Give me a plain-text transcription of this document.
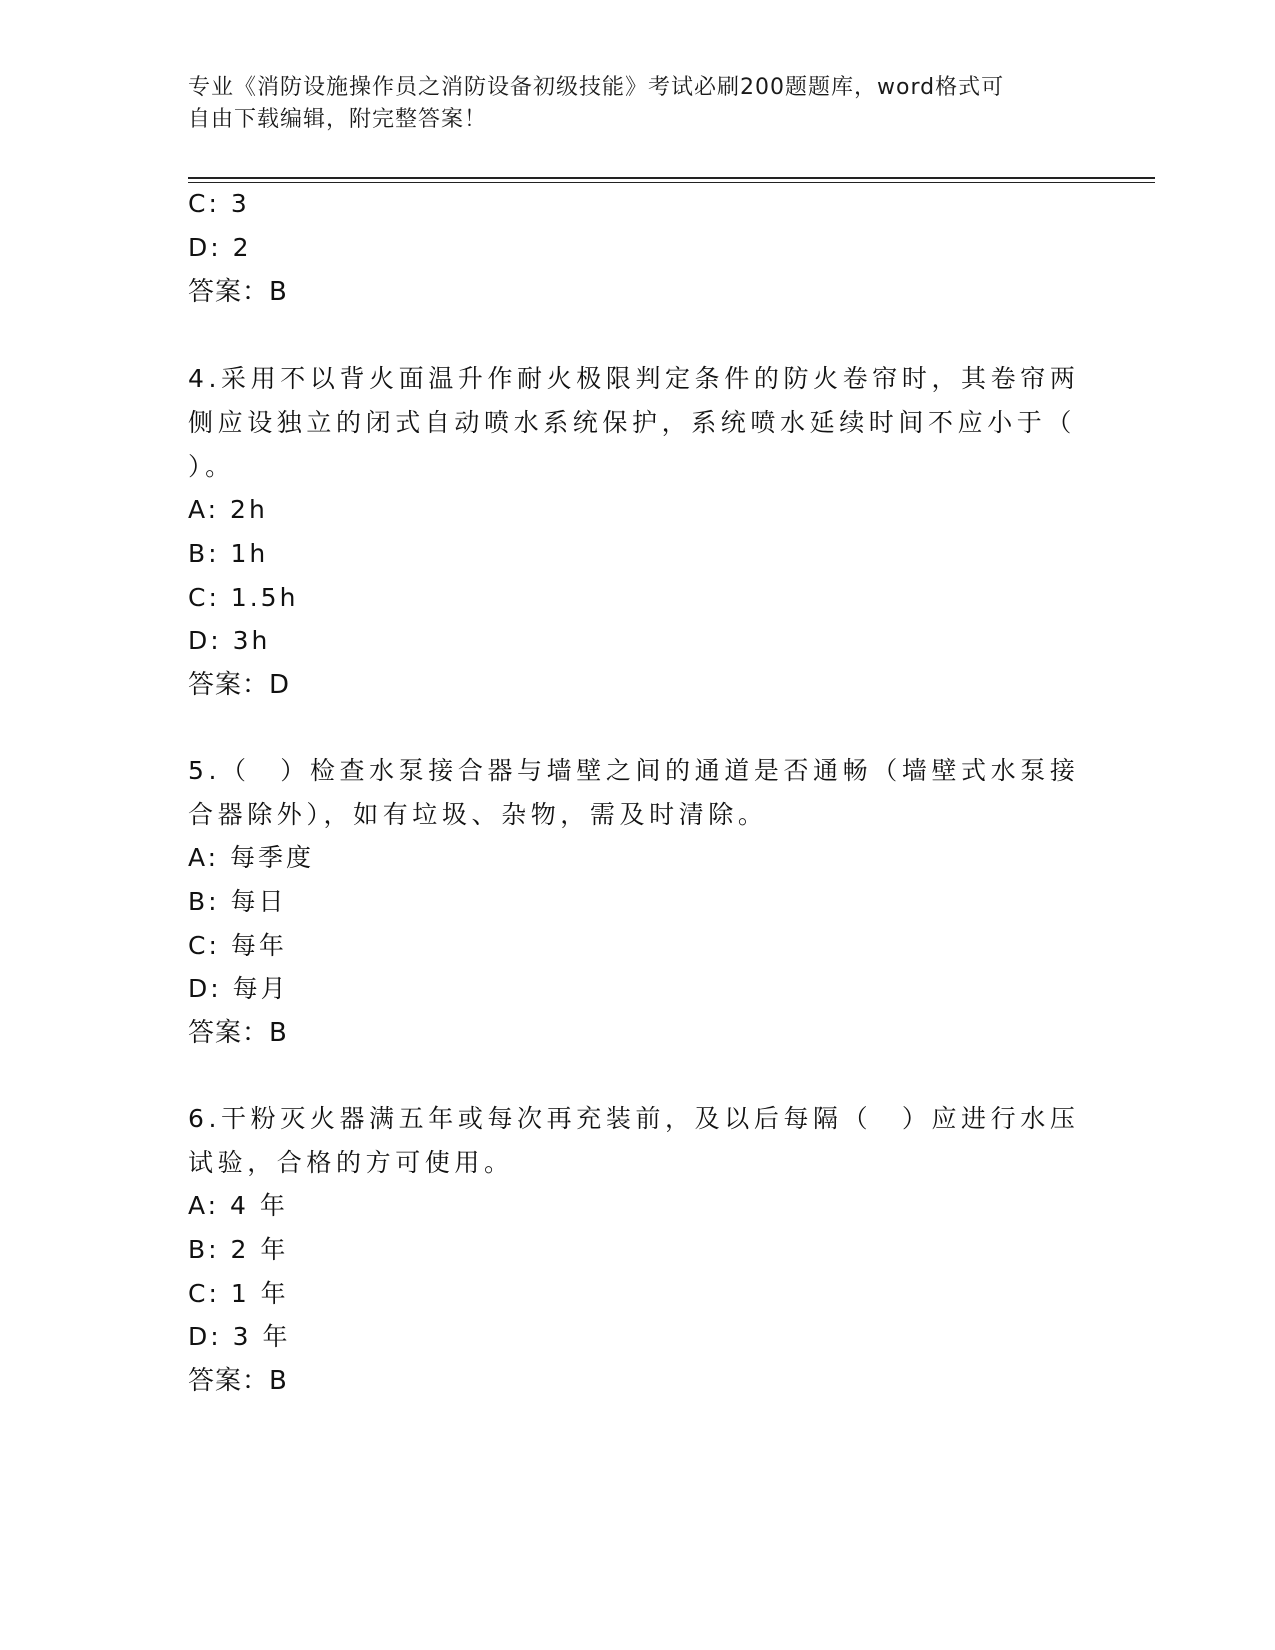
专业《消防设施操作员之消防设备初级技能》考试必刷200题题库，word格式可
自由下载编辑，附完整答案！
C: 3
D: 2
答案：B
4.采用不以背火面温升作耐火极限判定条件的防火卷帘时，其卷帘两
侧应设独立的闭式自动喷水系统保护，系统喷水延续时间不应小于（
）。
A: 2h
B: 1h
C: 1.5h
D: 3h
答案：D
5.（　）检查水泵接合器与墙壁之间的通道是否通畅（墙壁式水泵接
合器除外），如有垃圾、杂物，需及时清除。
A: 每季度
B: 每日
C: 每年
D: 每月
答案：B
6.干粉灭火器满五年或每次再充装前，及以后每隔（　）应进行水压
试验，合格的方可使用。
A: 4 年
B: 2 年
C: 1 年
D: 3 年
答案：B
